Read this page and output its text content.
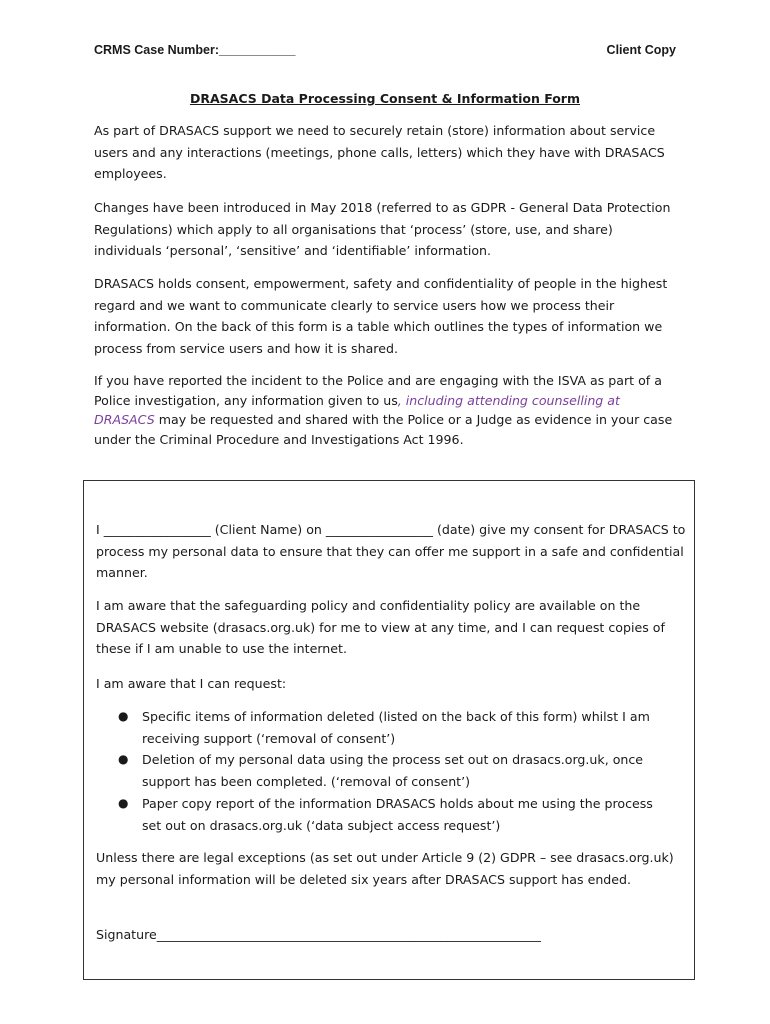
CRMS Case Number:___________	Client Copy
DRASACS Data Processing Consent & Information Form

As part of DRASACS support we need to securely retain (store) information about service users and any interactions (meetings, phone calls, letters) which they have with DRASACS employees.

Changes have been introduced in May 2018 (referred to as GDPR - General Data Protection Regulations) which apply to all organisations that ‘process’ (store, use, and share) individuals ‘personal’, ‘sensitive’ and ‘identifiable’ information.

DRASACS holds consent, empowerment, safety and confidentiality of people in the highest regard and we want to communicate clearly to service users how we process their information. On the back of this form is a table which outlines the types of information we process from service users and how it is shared.

If you have reported the incident to the Police and are engaging with the ISVA as part of a Police investigation, any information given to us, including attending counselling at DRASACS may be requested and shared with the Police or a Judge as evidence in your case under the Criminal Procedure and Investigations Act 1996.

I _________________ (Client Name) on _________________ (date) give my consent for DRASACS to process my personal data to ensure that they can offer me support in a safe and confidential manner.

I am aware that the safeguarding policy and confidentiality policy are available on the DRASACS website (drasacs.org.uk) for me to view at any time, and I can request copies of these if I am unable to use the internet.

I am aware that I can request:

● Specific items of information deleted (listed on the back of this form) whilst I am receiving support (‘removal of consent’)
● Deletion of my personal data using the process set out on drasacs.org.uk, once support has been completed. (‘removal of consent’)
● Paper copy report of the information DRASACS holds about me using the process set out on drasacs.org.uk (‘data subject access request’)

Unless there are legal exceptions (as set out under Article 9 (2) GDPR – see drasacs.org.uk) my personal information will be deleted six years after DRASACS support has ended.

Signature_____________________________________________________________
